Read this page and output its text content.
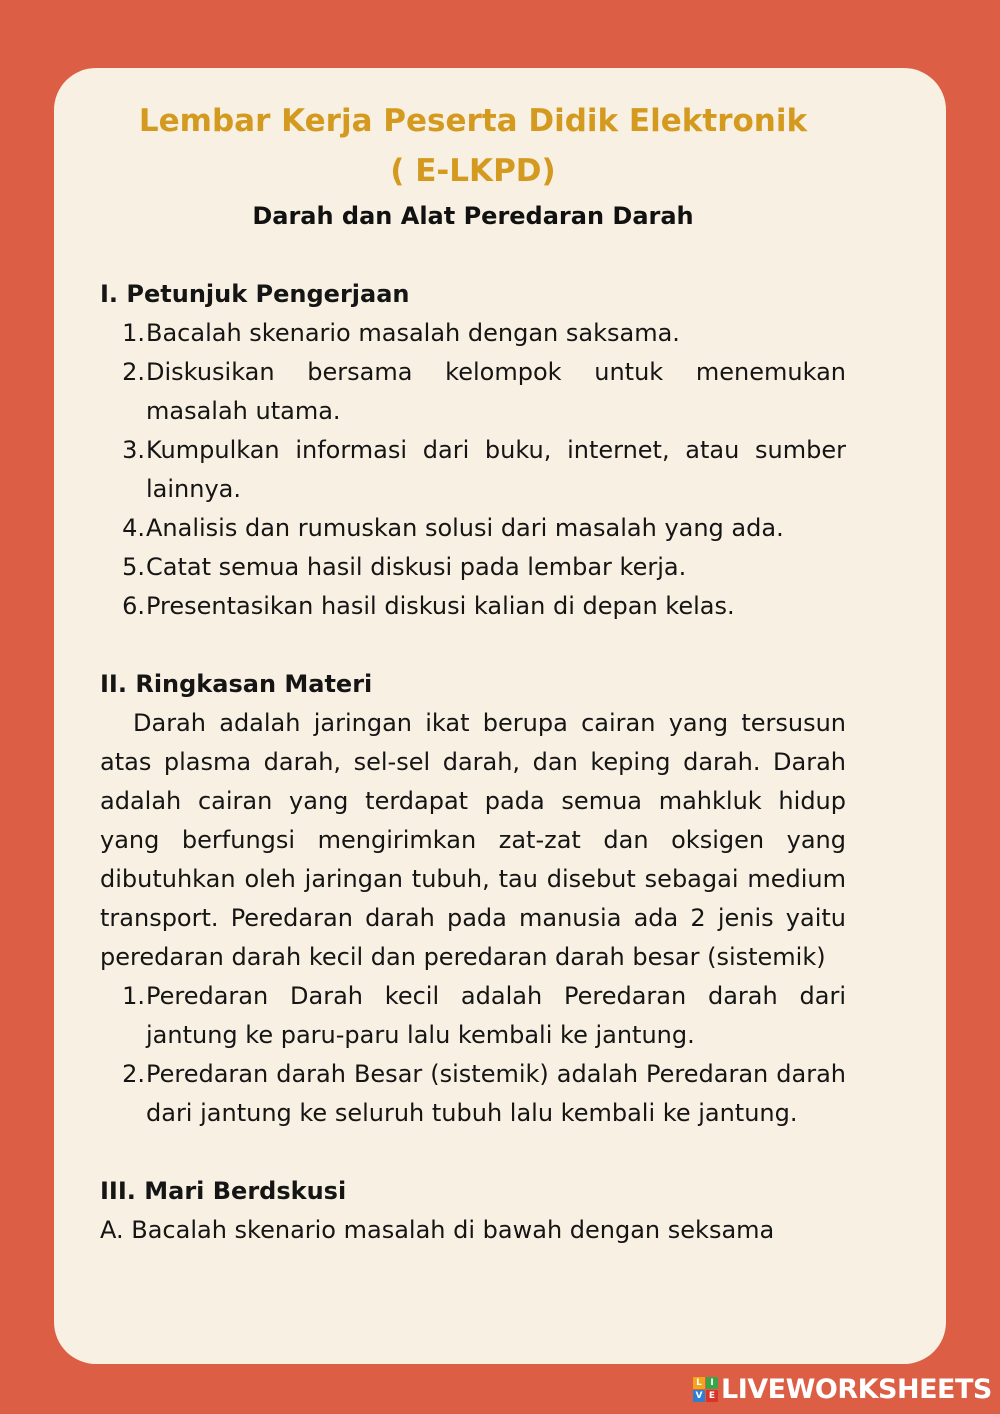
Lembar Kerja Peserta Didik Elektronik

( E-LKPD)

Darah dan Alat Peredaran Darah

I. Petunjuk Pengerjaan

1. Bacalah skenario masalah dengan saksama.
2. Diskusikan bersama kelompok untuk menemukan masalah utama.
3. Kumpulkan informasi dari buku, internet, atau sumber lainnya.
4. Analisis dan rumuskan solusi dari masalah yang ada.
5. Catat semua hasil diskusi pada lembar kerja.
6. Presentasikan hasil diskusi kalian di depan kelas.

II. Ringkasan Materi

Darah adalah jaringan ikat berupa cairan yang tersusun atas plasma darah, sel-sel darah, dan keping darah. Darah adalah cairan yang terdapat pada semua mahkluk hidup yang berfungsi mengirimkan zat-zat dan oksigen yang dibutuhkan oleh jaringan tubuh, tau disebut sebagai medium transport. Peredaran darah pada manusia ada 2 jenis yaitu peredaran darah kecil dan peredaran darah besar (sistemik)

1. Peredaran Darah kecil adalah Peredaran darah dari jantung ke paru-paru lalu kembali ke jantung.
2. Peredaran darah Besar (sistemik) adalah Peredaran darah dari jantung ke seluruh tubuh lalu kembali ke jantung.

III. Mari Berdskusi

A. Bacalah skenario masalah di bawah dengan seksama

L I
V E LIVEWORKSHEETS
